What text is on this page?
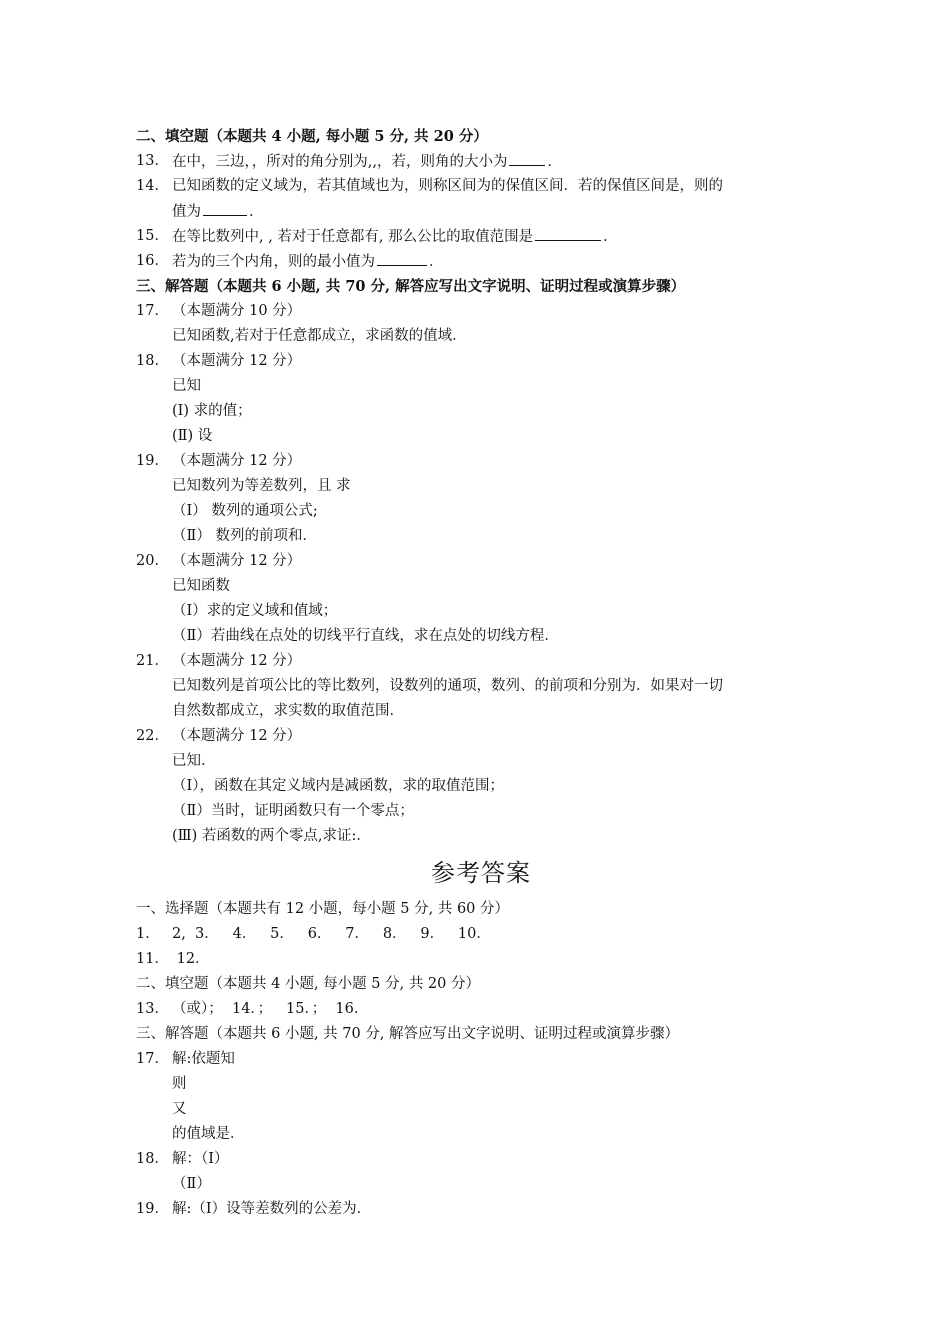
二、填空题（本题共 4 小题, 每小题 5 分, 共 20 分）
13． 在中，三边，，所对的角分别为,,，若，则角的大小为	．
14． 已知函数的定义域为，若其值域也为，则称区间为的保值区间．若的保值区间是，则的
值为	．
15． 在等比数列中, , 若对于任意都有, 那么公比的取值范围是	．
16． 若为的三个内角，则的最小值为	．
三、解答题（本题共 6 小题, 共 70 分, 解答应写出文字说明、证明过程或演算步骤）
17． （本题满分 10 分）
已知函数,若对于任意都成立，求函数的值域．
18． （本题满分 12 分）
已知
(Ⅰ) 求的值；
(Ⅱ) 设
19． （本题满分 12 分）
已知数列为等差数列，且 求
（Ⅰ） 数列的通项公式;
（Ⅱ） 数列的前项和．
20． （本题满分 12 分）
已知函数
（Ⅰ）求的定义域和值域；
（Ⅱ）若曲线在点处的切线平行直线，求在点处的切线方程．
21． （本题满分 12 分）
已知数列是首项公比的等比数列，设数列的通项，数列、的前项和分别为．如果对一切
自然数都成立，求实数的取值范围．
22． （本题满分 12 分）
已知．
（Ⅰ），函数在其定义域内是减函数，求的取值范围；
（Ⅱ）当时，证明函数只有一个零点；
(Ⅲ) 若函数的两个零点,求证:．
参考答案
一、选择题（本题共有 12 小题，每小题 5 分, 共 60 分）
1． 2,  3．   4．   5．   6．   7．   8．   9．   10．
11． 12．
二、填空题（本题共 4 小题, 每小题 5 分, 共 20 分）
13． （或）；  14．；   15．；  16．
三、解答题（本题共 6 小题, 共 70 分, 解答应写出文字说明、证明过程或演算步骤）
17． 解:依题知
则
又
的值域是．
18． 解：（Ⅰ）
（Ⅱ）
19． 解:（Ⅰ）设等差数列的公差为．
